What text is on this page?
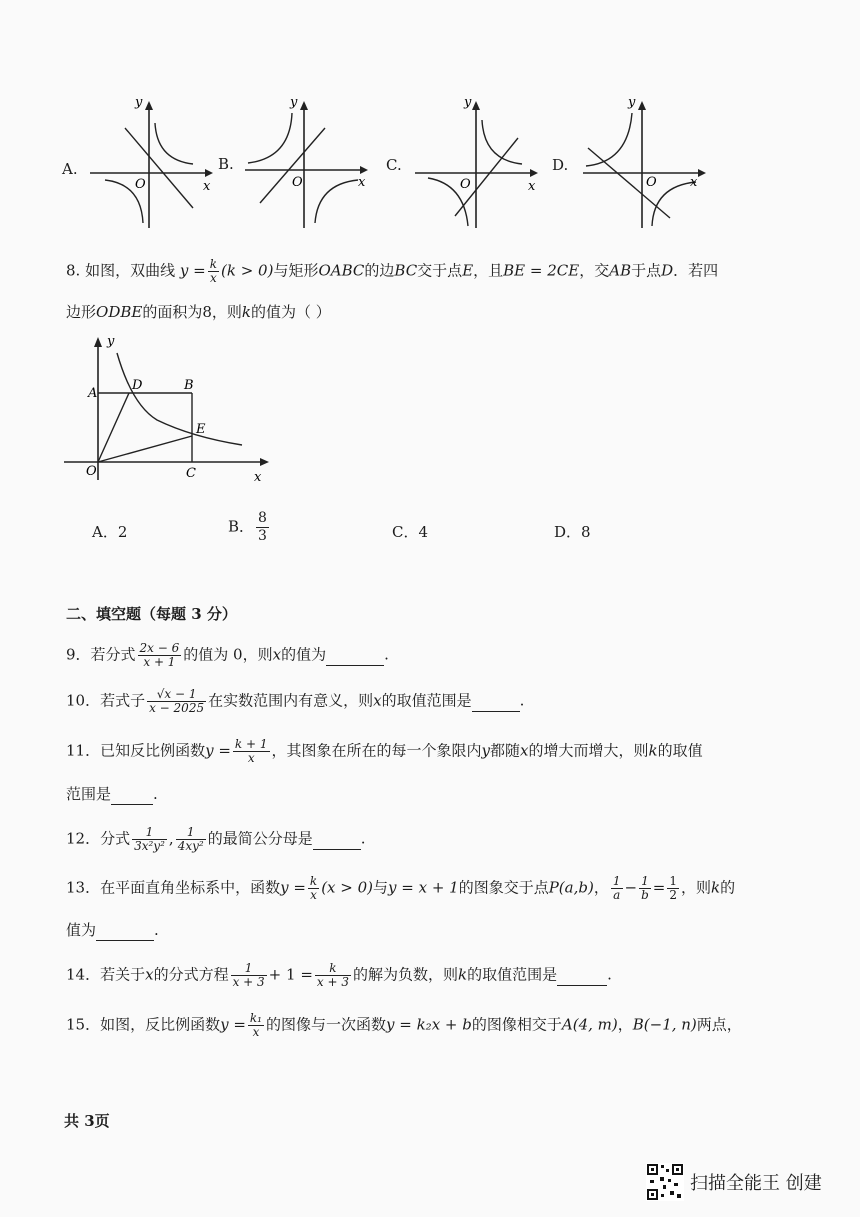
A.
y
x
O
B.
y
x
O
C.
y
x
O
D.
y
x
O
8. 如图，双曲线 $y = \frac{k}{x} (k > 0)$与矩形OABC的边BC交于点E，且BE = 2CE，交AB于点D．若四
边形ODBE的面积为8，则k的值为（ ）
y
A
D	B
E
O	C	x
A．2	B． $\frac{8}{3}$	C．4	D．8
二、填空题（每题 3 分）
9．若分式 $\frac{2x - 6}{x + 1}$ 的值为 0，则x的值为	.
10．若式子 $\frac{√x - 1}{x - 2025}$ 在实数范围内有意义，则x的取值范围是	.
11．已知反比例函数$y = \frac{k + 1}{x}$ ，其图象在所在的每一个象限内y都随x的增大而增大，则k的取值
范围是	.
12．分式 $\frac{1}{\text{3x²y²}}$ , $\frac{1}{\text{4xy²}}$ 的最简公分母是	.
13．在平面直角坐标系中，函数$y = \frac{k}{x} (x > 0)$与y = x + 1的图象交于点P(a,b)， $\frac{1}{a} - \frac{1}{b} = \frac{1}{2}$ ，则k的
值为	.
14．若关于x的分式方程 $\frac{1}{x + 3} + 1 = \frac{k}{x + 3}$ 的解为负数，则k的取值范围是	.
15．如图，反比例函数$y = \frac{\text{k₁}}{x}$ 的图像与一次函数y = k₂x + b的图像相交于A(4, m)，B(−1, n)两点，
共 3页
扫描全能王 创建
